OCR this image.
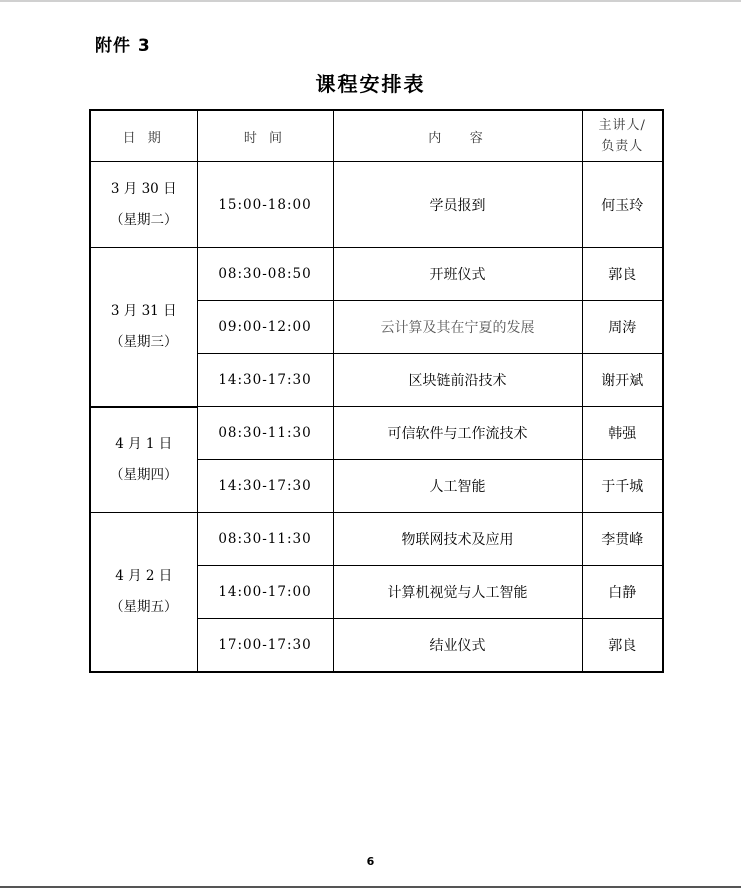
附件 3
课程安排表
日 期	时 间	内   容	主讲人/
负责人

3 月 30 日
（星期二）	15:00-18:00	学员报到	何玉玲

3 月 31 日
（星期三）	08:30-08:50	开班仪式	郭良
	09:00-12:00	云计算及其在宁夏的发展	周涛
	14:30-17:30	区块链前沿技术	谢开斌

4 月 1 日
（星期四）	08:30-11:30	可信软件与工作流技术	韩强
	14:30-17:30	人工智能	于千城

4 月 2 日
（星期五）	08:30-11:30	物联网技术及应用	李贯峰
	14:00-17:00	计算机视觉与人工智能	白静
	17:00-17:30	结业仪式	郭良
6
